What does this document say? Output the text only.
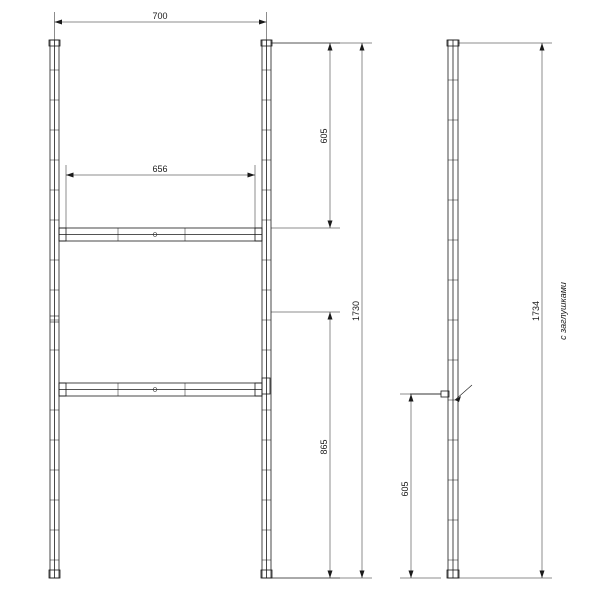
700
656
605
1730
865
1734
605
с заглушками
